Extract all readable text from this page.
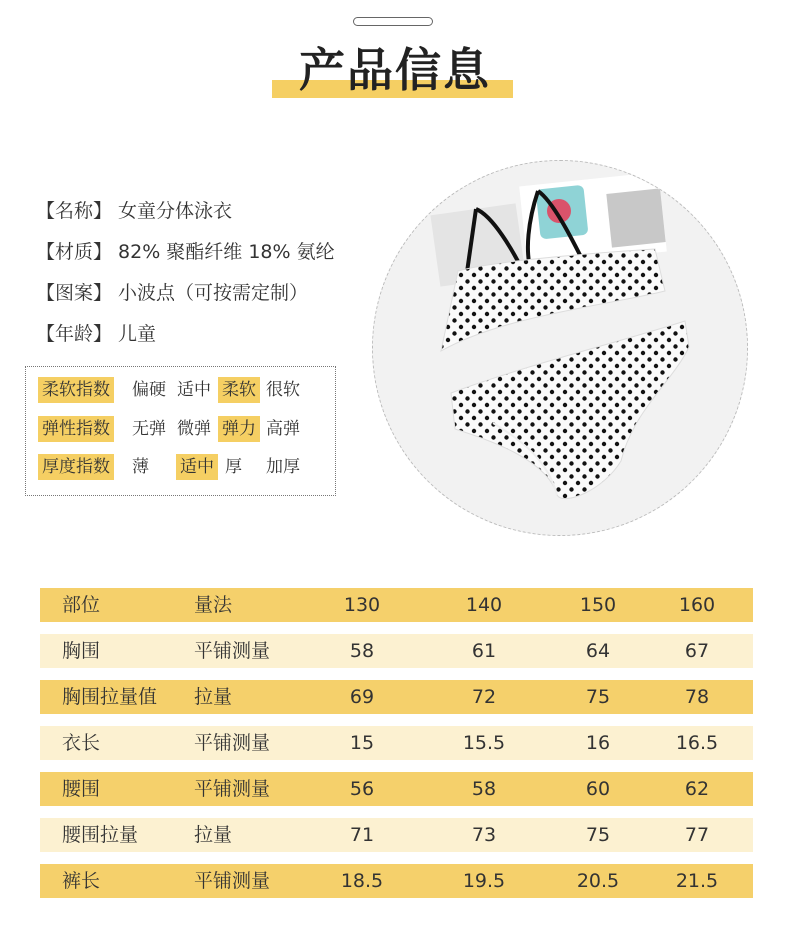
产品信息
【名称】 女童分体泳衣
【材质】 82% 聚酯纤维 18% 氨纶
【图案】 小波点（可按需定制）
【年龄】 儿童
柔软指数 偏硬 适中 柔软 很软
弹性指数 无弹 微弹 弹力 高弹
厚度指数 薄 适中 厚 加厚
部位	量法	130	140	150	160
胸围	平铺测量	58	61	64	67
胸围拉量值 拉量	69	72	75	78
衣长	平铺测量	15	15.5	16	16.5
腰围	平铺测量	56	58	60	62
腰围拉量	拉量	71	73	75	77
裤长	平铺测量	18.5	19.5	20.5	21.5
